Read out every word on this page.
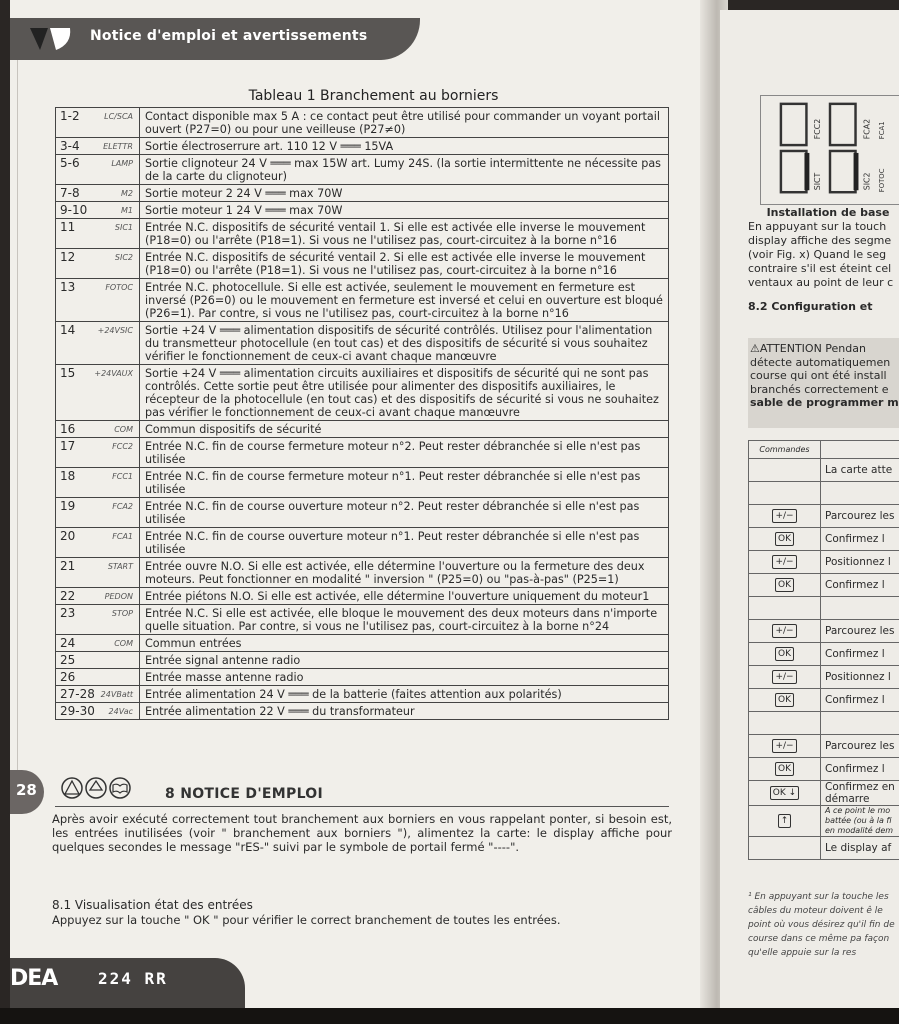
Notice d'emploi et avertissements
Tableau 1 Branchement au borniers
1-2 LC/SCA	Contact disponible max 5 A : ce contact peut être utilisé pour commander un voyant portail ouvert (P27=0) ou pour une veilleuse (P27≠0)

3-4 ELETTR	Sortie électroserrure art. 110 12 V ═══ 15VA

5-6 LAMP	Sortie clignoteur 24 V ═══ max 15W art. Lumy 24S. (la sortie intermittente ne nécessite pas de la carte du clignoteur)

7-8 M2	Sortie moteur 2 24 V ═══ max 70W

9-10 M1	Sortie moteur 1 24 V ═══ max 70W

11 SIC1	Entrée N.C. dispositifs de sécurité ventail 1. Si elle est activée elle inverse le mouvement (P18=0) ou l'arrête (P18=1). Si vous ne l'utilisez pas, court-circuitez à la borne n°16

12 SIC2	Entrée N.C. dispositifs de sécurité ventail 2. Si elle est activée elle inverse le mouvement (P18=0) ou l'arrête (P18=1). Si vous ne l'utilisez pas, court-circuitez à la borne n°16

13 FOTOC	Entrée N.C. photocellule. Si elle est activée, seulement le mouvement en fermeture est inversé (P26=0) ou le mouvement en fermeture est inversé et celui en ouverture est bloqué (P26=1). Par contre, si vous ne l'utilisez pas, court-circuitez à la borne n°16

14 +24VSIC	Sortie +24 V ═══ alimentation dispositifs de sécurité contrôlés. Utilisez pour l'alimentation du transmetteur photocellule (en tout cas) et des dispositifs de sécurité si vous souhaitez vérifier le fonctionnement de ceux-ci avant chaque manœuvre

15 +24VAUX	Sortie +24 V ═══ alimentation circuits auxiliaires et dispositifs de sécurité qui ne sont pas contrôlés. Cette sortie peut être utilisée pour alimenter des dispositifs auxiliaires, le récepteur de la photocellule (en tout cas) et des dispositifs de sécurité si vous ne souhaitez pas vérifier le fonctionnement de ceux-ci avant chaque manœuvre

16 COM	Commun dispositifs de sécurité

17 FCC2	Entrée N.C. fin de course fermeture moteur n°2. Peut rester débranchée si elle n'est pas utilisée

18 FCC1	Entrée N.C. fin de course fermeture moteur n°1. Peut rester débranchée si elle n'est pas utilisée

19 FCA2	Entrée N.C. fin de course ouverture moteur n°2. Peut rester débranchée si elle n'est pas utilisée

20 FCA1	Entrée N.C. fin de course ouverture moteur n°1. Peut rester débranchée si elle n'est pas utilisée

21 START	Entrée ouvre N.O. Si elle est activée, elle détermine l'ouverture ou la fermeture des deux moteurs. Peut fonctionner en modalité " inversion " (P25=0) ou "pas-à-pas" (P25=1)

22 PEDON	Entrée piétons N.O. Si elle est activée, elle détermine l'ouverture uniquement du moteur1

23 STOP	Entrée N.C. Si elle est activée, elle bloque le mouvement des deux moteurs dans n'importe quelle situation. Par contre, si vous ne l'utilisez pas, court-circuitez à la borne n°24

24 COM	Commun entrées

25	Entrée signal antenne radio

26	Entrée masse antenne radio

27-28 24VBatt	Entrée alimentation 24 V ═══ de la batterie (faites attention aux polarités)

29-30 24Vac	Entrée alimentation 22 V ═══ du transformateur
28	8 NOTICE D'EMPLOI

Après avoir exécuté correctement tout branchement aux borniers en vous rappelant ponter, si besoin est, les entrées inutilisées (voir " branchement aux borniers "), alimentez la carte: le display affiche pour quelques secondes le message "rES-" suivi par le symbole de portail fermé "----".

8.1 Visualisation état des entrées
Appuyez sur la touche " OK " pour vérifier le correct branchement de toutes les entrées.
DEA	224 RR
FCC2	FCA2
SICT	SIC2 FOTOC
FCA1
Installation de base
En appuyant sur la touch
display affiche des segme
(voir Fig. x) Quand le seg
contraire s'il est éteint cel
ventaux au point de leur c
8.2 Configuration et
⚠ATTENTION Pendan
détecte automatiquemen
course qui ont été install
branchés correctement e
sable de programmer m
Commandes	
	La carte atte

+/−	Parcourez les
OK	Confirmez l
+/−	Positionnez l
OK	Confirmez l

+/−	Parcourez les
OK	Confirmez l
+/−	Positionnez l
OK	Confirmez l

+/−	Parcourez les
OK	Confirmez l
OK ↓	Confirmez en démarre
↑	A ce point le mo battée (ou à la fi en modalité dem
	Le display af
¹ En appuyant sur la touche les câbles du moteur doivent ê le point où vous désirez qu'il fin de course dans ce même pa façon qu'elle appuie sur la res
